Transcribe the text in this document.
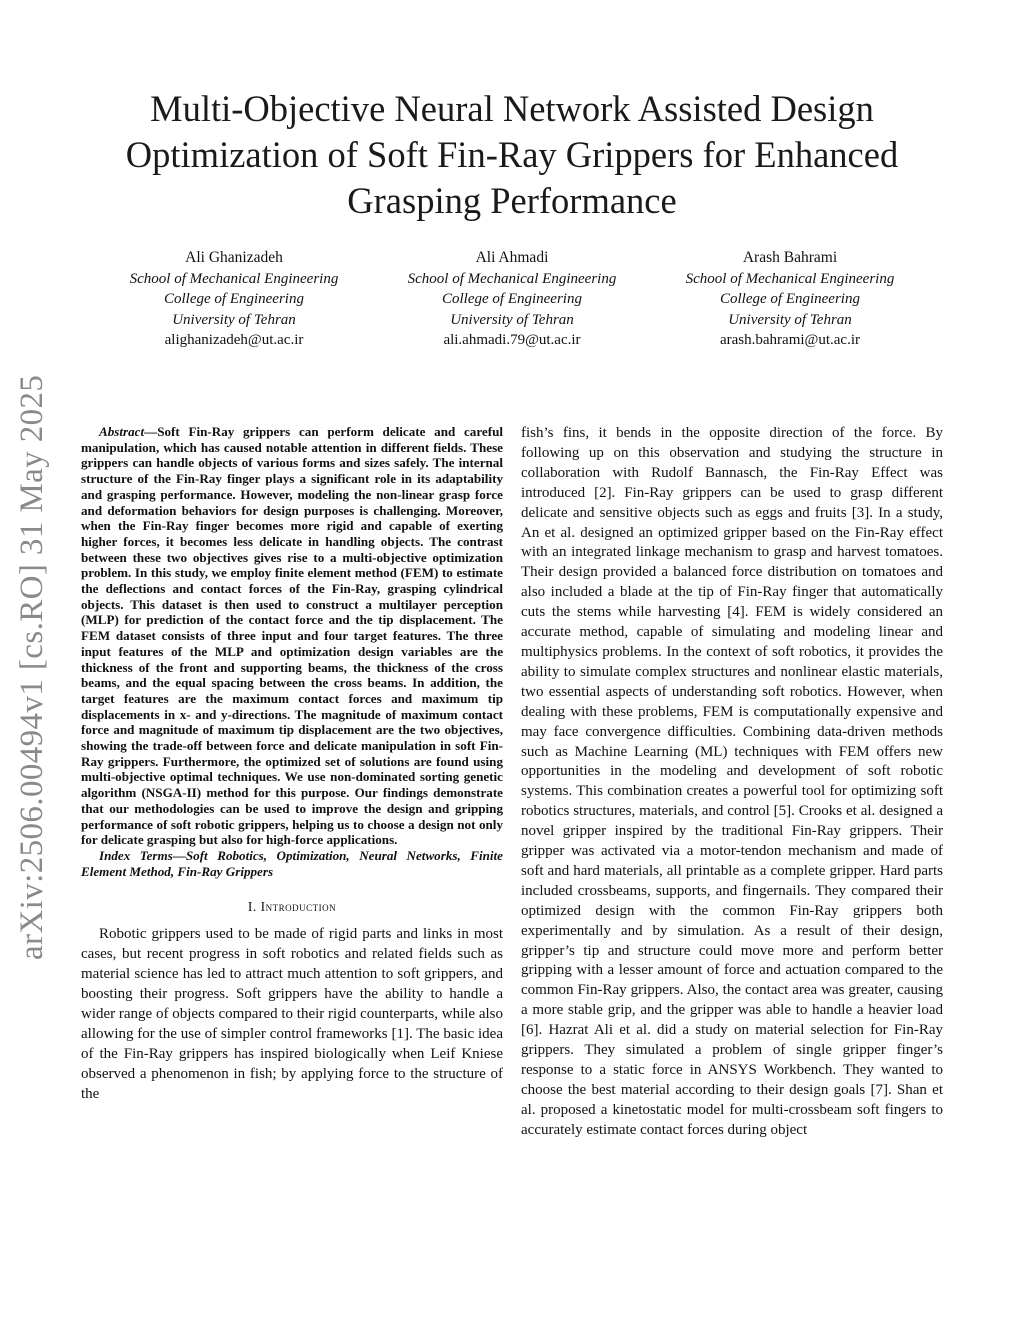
arXiv:2506.00494v1 [cs.RO] 31 May 2025
Multi-Objective Neural Network Assisted Design Optimization of Soft Fin-Ray Grippers for Enhanced Grasping Performance
Ali Ghanizadeh
School of Mechanical Engineering
College of Engineering
University of Tehran
alighanizadeh@ut.ac.ir
Ali Ahmadi
School of Mechanical Engineering
College of Engineering
University of Tehran
ali.ahmadi.79@ut.ac.ir
Arash Bahrami
School of Mechanical Engineering
College of Engineering
University of Tehran
arash.bahrami@ut.ac.ir

Abstract—Soft Fin-Ray grippers can perform delicate and careful manipulation, which has caused notable attention in different fields. These grippers can handle objects of various forms and sizes safely. The internal structure of the Fin-Ray finger plays a significant role in its adaptability and grasping performance. However, modeling the non-linear grasp force and deformation behaviors for design purposes is challenging. Moreover, when the Fin-Ray finger becomes more rigid and capable of exerting higher forces, it becomes less delicate in handling objects. The contrast between these two objectives gives rise to a multi-objective optimization problem. In this study, we employ finite element method (FEM) to estimate the deflections and contact forces of the Fin-Ray, grasping cylindrical objects. This dataset is then used to construct a multilayer perception (MLP) for prediction of the contact force and the tip displacement. The FEM dataset consists of three input and four target features. The three input features of the MLP and optimization design variables are the thickness of the front and supporting beams, the thickness of the cross beams, and the equal spacing between the cross beams. In addition, the target features are the maximum contact forces and maximum tip displacements in x- and y-directions. The magnitude of maximum contact force and magnitude of maximum tip displacement are the two objectives, showing the trade-off between force and delicate manipulation in soft Fin-Ray grippers. Furthermore, the optimized set of solutions are found using multi-objective optimal techniques. We use non-dominated sorting genetic algorithm (NSGA-II) method for this purpose. Our findings demonstrate that our methodologies can be used to improve the design and gripping performance of soft robotic grippers, helping us to choose a design not only for delicate grasping but also for high-force applications.

Index Terms—Soft Robotics, Optimization, Neural Networks, Finite Element Method, Fin-Ray Grippers

I. Introduction

Robotic grippers used to be made of rigid parts and links in most cases, but recent progress in soft robotics and related fields such as material science has led to attract much attention to soft grippers, and boosting their progress. Soft grippers have the ability to handle a wider range of objects compared to their rigid counterparts, while also allowing for the use of simpler control frameworks [1]. The basic idea of the Fin-Ray grippers has inspired biologically when Leif Kniese observed a phenomenon in fish; by applying force to the structure of the

fish’s fins, it bends in the opposite direction of the force. By following up on this observation and studying the structure in collaboration with Rudolf Bannasch, the Fin-Ray Effect was introduced [2]. Fin-Ray grippers can be used to grasp different delicate and sensitive objects such as eggs and fruits [3]. In a study, An et al. designed an optimized gripper based on the Fin-Ray effect with an integrated linkage mechanism to grasp and harvest tomatoes. Their design provided a balanced force distribution on tomatoes and also included a blade at the tip of Fin-Ray finger that automatically cuts the stems while harvesting [4]. FEM is widely considered an accurate method, capable of simulating and modeling linear and multiphysics problems. In the context of soft robotics, it provides the ability to simulate complex structures and nonlinear elastic materials, two essential aspects of understanding soft robotics. However, when dealing with these problems, FEM is computationally expensive and may face convergence difficulties. Combining data-driven methods such as Machine Learning (ML) techniques with FEM offers new opportunities in the modeling and development of soft robotic systems. This combination creates a powerful tool for optimizing soft robotics structures, materials, and control [5]. Crooks et al. designed a novel gripper inspired by the traditional Fin-Ray grippers. Their gripper was activated via a motor-tendon mechanism and made of soft and hard materials, all printable as a complete gripper. Hard parts included crossbeams, supports, and fingernails. They compared their optimized design with the common Fin-Ray grippers both experimentally and by simulation. As a result of their design, gripper’s tip and structure could move more and perform better gripping with a lesser amount of force and actuation compared to the common Fin-Ray grippers. Also, the contact area was greater, causing a more stable grip, and the gripper was able to handle a heavier load [6]. Hazrat Ali et al. did a study on material selection for Fin-Ray grippers. They simulated a problem of single gripper finger’s response to a static force in ANSYS Workbench. They wanted to choose the best material according to their design goals [7]. Shan et al. proposed a kinetostatic model for multi-crossbeam soft fingers to accurately estimate contact forces during object
